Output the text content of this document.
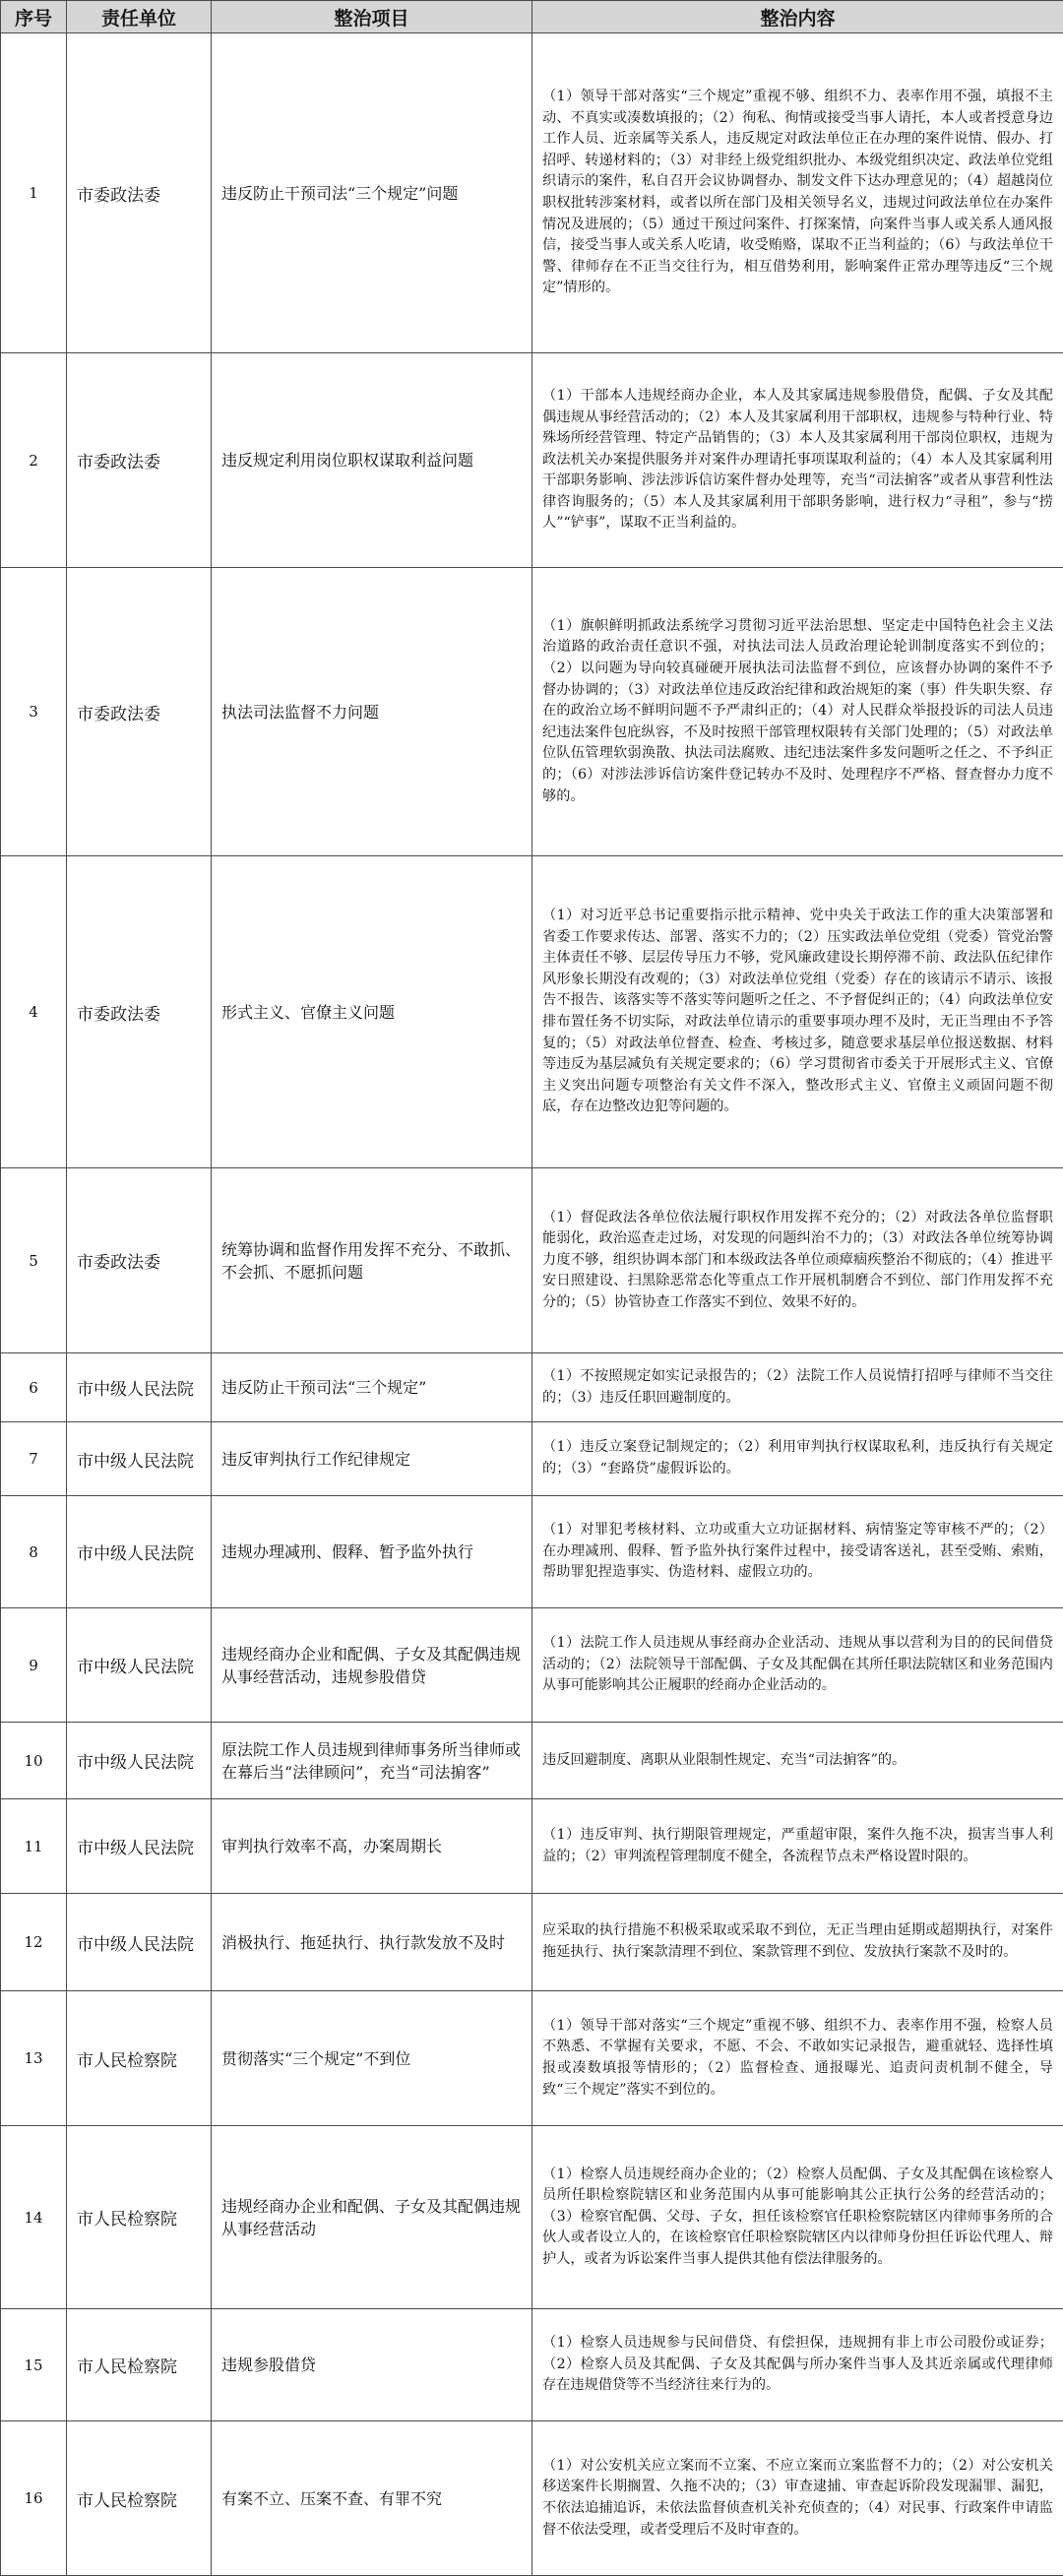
序号	责任单位	整治项目	整治内容
1	市委政法委	违反防止干预司法“三个规定”问题	（1）领导干部对落实“三个规定”重视不够、组织不力、表率作用不强，填报不主动、不真实或凑数填报的；（2）徇私、徇情或接受当事人请托，本人或者授意身边工作人员、近亲属等关系人，违反规定对政法单位正在办理的案件说情、假办、打招呼、转递材料的；（3）对非经上级党组织批办、本级党组织决定、政法单位党组织请示的案件，私自召开会议协调督办、制发文件下达办理意见的；（4）超越岗位职权批转涉案材料，或者以所在部门及相关领导名义，违规过问政法单位在办案件情况及进展的；（5）通过干预过问案件、打探案情，向案件当事人或关系人通风报信，接受当事人或关系人吃请，收受贿赂，谋取不正当利益的；（6）与政法单位干警、律师存在不正当交往行为，相互借势利用，影响案件正常办理等违反“三个规定”情形的。

2	市委政法委	违反规定利用岗位职权谋取利益问题	（1）干部本人违规经商办企业，本人及其家属违规参股借贷，配偶、子女及其配偶违规从事经营活动的；（2）本人及其家属利用干部职权，违规参与特种行业、特殊场所经营管理、特定产品销售的；（3）本人及其家属利用干部岗位职权，违规为政法机关办案提供服务并对案件办理请托事项谋取利益的；（4）本人及其家属利用干部职务影响、涉法涉诉信访案件督办处理等，充当“司法掮客”或者从事营利性法律咨询服务的；（5）本人及其家属利用干部职务影响，进行权力“寻租”，参与“捞人”“铲事”，谋取不正当利益的。

3	市委政法委	执法司法监督不力问题	（1）旗帜鲜明抓政法系统学习贯彻习近平法治思想、坚定走中国特色社会主义法治道路的政治责任意识不强，对执法司法人员政治理论轮训制度落实不到位的；（2）以问题为导向较真碰硬开展执法司法监督不到位，应该督办协调的案件不予督办协调的；（3）对政法单位违反政治纪律和政治规矩的案（事）件失职失察、存在的政治立场不鲜明问题不予严肃纠正的；（4）对人民群众举报投诉的司法人员违纪违法案件包庇纵容，不及时按照干部管理权限转有关部门处理的；（5）对政法单位队伍管理软弱涣散、执法司法腐败、违纪违法案件多发问题听之任之、不予纠正的；（6）对涉法涉诉信访案件登记转办不及时、处理程序不严格、督查督办力度不够的。

4	市委政法委	形式主义、官僚主义问题	（1）对习近平总书记重要指示批示精神、党中央关于政法工作的重大决策部署和省委工作要求传达、部署、落实不力的；（2）压实政法单位党组（党委）管党治警主体责任不够、层层传导压力不够，党风廉政建设长期停滞不前、政法队伍纪律作风形象长期没有改观的；（3）对政法单位党组（党委）存在的该请示不请示、该报告不报告、该落实等不落实等问题听之任之、不予督促纠正的；（4）向政法单位安排布置任务不切实际，对政法单位请示的重要事项办理不及时，无正当理由不予答复的；（5）对政法单位督查、检查、考核过多，随意要求基层单位报送数据、材料等违反为基层减负有关规定要求的；（6）学习贯彻省市委关于开展形式主义、官僚主义突出问题专项整治有关文件不深入，整改形式主义、官僚主义顽固问题不彻底，存在边整改边犯等问题的。

5	市委政法委	统筹协调和监督作用发挥不充分、不敢抓、不会抓、不愿抓问题	（1）督促政法各单位依法履行职权作用发挥不充分的；（2）对政法各单位监督职能弱化，政治巡查走过场，对发现的问题纠治不力的；（3）对政法各单位统筹协调力度不够，组织协调本部门和本级政法各单位顽瘴痼疾整治不彻底的；（4）推进平安日照建设、扫黑除恶常态化等重点工作开展机制磨合不到位、部门作用发挥不充分的；（5）协管协查工作落实不到位、效果不好的。

6	市中级人民法院	违反防止干预司法“三个规定”	（1）不按照规定如实记录报告的；（2）法院工作人员说情打招呼与律师不当交往的；（3）违反任职回避制度的。

7	市中级人民法院	违反审判执行工作纪律规定	（1）违反立案登记制规定的；（2）利用审判执行权谋取私利，违反执行有关规定的；（3）“套路贷”虚假诉讼的。

8	市中级人民法院	违规办理减刑、假释、暂予监外执行	（1）对罪犯考核材料、立功或重大立功证据材料、病情鉴定等审核不严的；（2）在办理减刑、假释、暂予监外执行案件过程中，接受请客送礼，甚至受贿、索贿，帮助罪犯捏造事实、伪造材料、虚假立功的。

9	市中级人民法院	违规经商办企业和配偶、子女及其配偶违规从事经营活动，违规参股借贷	（1）法院工作人员违规从事经商办企业活动、违规从事以营利为目的的民间借贷活动的；（2）法院领导干部配偶、子女及其配偶在其所任职法院辖区和业务范围内从事可能影响其公正履职的经商办企业活动的。

10	市中级人民法院	原法院工作人员违规到律师事务所当律师或在幕后当“法律顾问”，充当“司法掮客”	违反回避制度、离职从业限制性规定、充当“司法掮客”的。

11	市中级人民法院	审判执行效率不高，办案周期长	（1）违反审判、执行期限管理规定，严重超审限，案件久拖不决，损害当事人利益的；（2）审判流程管理制度不健全，各流程节点未严格设置时限的。

12	市中级人民法院	消极执行、拖延执行、执行款发放不及时	应采取的执行措施不积极采取或采取不到位，无正当理由延期或超期执行，对案件拖延执行、执行案款清理不到位、案款管理不到位、发放执行案款不及时的。

13	市人民检察院	贯彻落实“三个规定”不到位	（1）领导干部对落实“三个规定”重视不够、组织不力、表率作用不强，检察人员不熟悉、不掌握有关要求，不愿、不会、不敢如实记录报告，避重就轻、选择性填报或凑数填报等情形的；（2）监督检查、通报曝光、追责问责机制不健全，导致“三个规定”落实不到位的。

14	市人民检察院	违规经商办企业和配偶、子女及其配偶违规从事经营活动	（1）检察人员违规经商办企业的；（2）检察人员配偶、子女及其配偶在该检察人员所任职检察院辖区和业务范围内从事可能影响其公正执行公务的经营活动的；（3）检察官配偶、父母、子女，担任该检察官任职检察院辖区内律师事务所的合伙人或者设立人的，在该检察官任职检察院辖区内以律师身份担任诉讼代理人、辩护人，或者为诉讼案件当事人提供其他有偿法律服务的。

15	市人民检察院	违规参股借贷	（1）检察人员违规参与民间借贷、有偿担保，违规拥有非上市公司股份或证券；（2）检察人员及其配偶、子女及其配偶与所办案件当事人及其近亲属或代理律师存在违规借贷等不当经济往来行为的。

16	市人民检察院	有案不立、压案不查、有罪不究	（1）对公安机关应立案而不立案、不应立案而立案监督不力的；（2）对公安机关移送案件长期搁置、久拖不决的；（3）审查逮捕、审查起诉阶段发现漏罪、漏犯，不依法追捕追诉，未依法监督侦查机关补充侦查的；（4）对民事、行政案件申请监督不依法受理，或者受理后不及时审查的。
